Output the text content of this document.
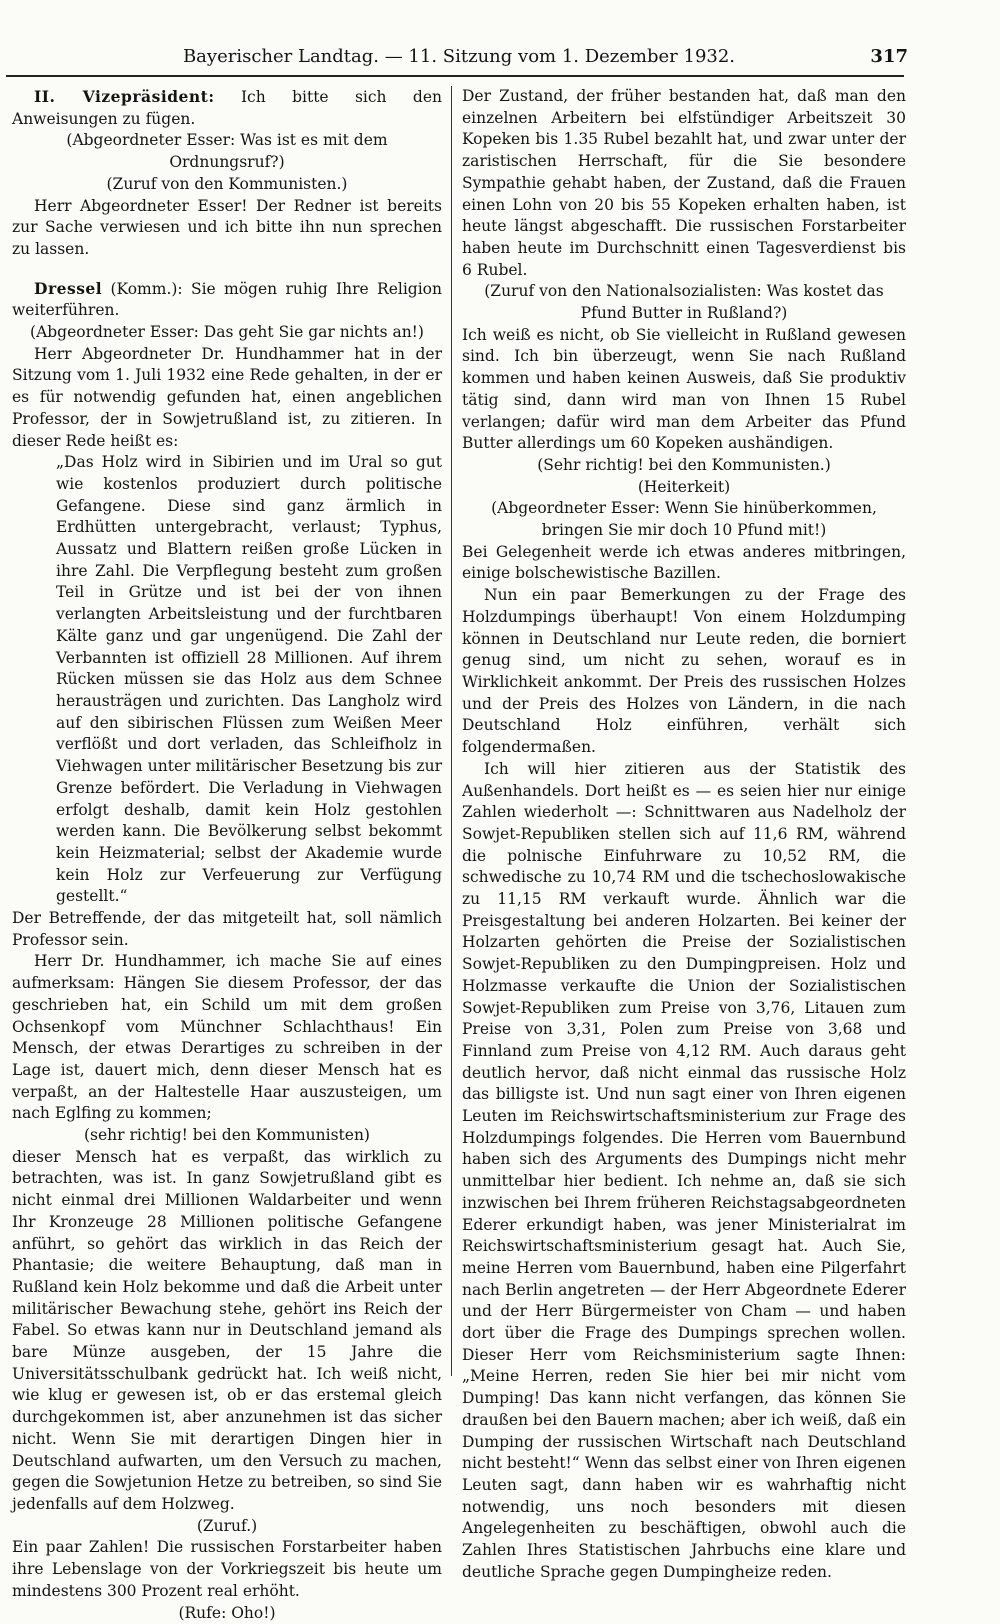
Bayerischer Landtag. — 11. Sitzung vom 1. Dezember 1932.	317

II. Vizepräsident: Ich bitte sich den Anweisungen zu fügen.

(Abgeordneter Esser: Was ist es mit dem Ordnungsruf?)

(Zuruf von den Kommunisten.)

Herr Abgeordneter Esser! Der Redner ist bereits zur Sache verwiesen und ich bitte ihn nun sprechen zu lassen.

Dressel (Komm.): Sie mögen ruhig Ihre Religion weiterführen.

(Abgeordneter Esser: Das geht Sie gar nichts an!)

Herr Abgeordneter Dr. Hundhammer hat in der Sitzung vom 1. Juli 1932 eine Rede gehalten, in der er es für notwendig gefunden hat, einen angeblichen Professor, der in Sowjetrußland ist, zu zitieren. In dieser Rede heißt es:

„Das Holz wird in Sibirien und im Ural so gut wie kostenlos produziert durch politische Gefangene. Diese sind ganz ärmlich in Erdhütten untergebracht, verlaust; Typhus, Aussatz und Blattern reißen große Lücken in ihre Zahl. Die Verpflegung besteht zum großen Teil in Grütze und ist bei der von ihnen verlangten Arbeitsleistung und der furchtbaren Kälte ganz und gar ungenügend. Die Zahl der Verbannten ist offiziell 28 Millionen. Auf ihrem Rücken müssen sie das Holz aus dem Schnee herausträgen und zurichten. Das Langholz wird auf den sibirischen Flüssen zum Weißen Meer verflößt und dort verladen, das Schleifholz in Viehwagen unter militärischer Besetzung bis zur Grenze befördert. Die Verladung in Viehwagen erfolgt deshalb, damit kein Holz gestohlen werden kann. Die Bevölkerung selbst bekommt kein Heizmaterial; selbst der Akademie wurde kein Holz zur Verfeuerung zur Verfügung gestellt.“

Der Betreffende, der das mitgeteilt hat, soll nämlich Professor sein.

Herr Dr. Hundhammer, ich mache Sie auf eines aufmerksam: Hängen Sie diesem Professor, der das geschrieben hat, ein Schild um mit dem großen Ochsenkopf vom Münchner Schlachthaus! Ein Mensch, der etwas Derartiges zu schreiben in der Lage ist, dauert mich, denn dieser Mensch hat es verpaßt, an der Haltestelle Haar auszusteigen, um nach Eglfing zu kommen;

(sehr richtig! bei den Kommunisten)

dieser Mensch hat es verpaßt, das wirklich zu betrachten, was ist. In ganz Sowjetrußland gibt es nicht einmal drei Millionen Waldarbeiter und wenn Ihr Kronzeuge 28 Millionen politische Gefangene anführt, so gehört das wirklich in das Reich der Phantasie; die weitere Behauptung, daß man in Rußland kein Holz bekomme und daß die Arbeit unter militärischer Bewachung stehe, gehört ins Reich der Fabel. So etwas kann nur in Deutschland jemand als bare Münze ausgeben, der 15 Jahre die Universitätsschulbank gedrückt hat. Ich weiß nicht, wie klug er gewesen ist, ob er das erstemal gleich durchgekommen ist, aber anzunehmen ist das sicher nicht. Wenn Sie mit derartigen Dingen hier in Deutschland aufwarten, um den Versuch zu machen, gegen die Sowjetunion Hetze zu betreiben, so sind Sie jedenfalls auf dem Holzweg.

(Zuruf.)

Ein paar Zahlen! Die russischen Forstarbeiter haben ihre Lebenslage von der Vorkriegszeit bis heute um mindestens 300 Prozent real erhöht.

(Rufe: Oho!)

Der Zustand, der früher bestanden hat, daß man den einzelnen Arbeitern bei elfstündiger Arbeitszeit 30 Kopeken bis 1.35 Rubel bezahlt hat, und zwar unter der zaristischen Herrschaft, für die Sie besondere Sympathie gehabt haben, der Zustand, daß die Frauen einen Lohn von 20 bis 55 Kopeken erhalten haben, ist heute längst abgeschafft. Die russischen Forstarbeiter haben heute im Durchschnitt einen Tagesverdienst bis 6 Rubel.

(Zuruf von den Nationalsozialisten: Was kostet das Pfund Butter in Rußland?)

Ich weiß es nicht, ob Sie vielleicht in Rußland gewesen sind. Ich bin überzeugt, wenn Sie nach Rußland kommen und haben keinen Ausweis, daß Sie produktiv tätig sind, dann wird man von Ihnen 15 Rubel verlangen; dafür wird man dem Arbeiter das Pfund Butter allerdings um 60 Kopeken aushändigen.

(Sehr richtig! bei den Kommunisten.)

(Heiterkeit)

(Abgeordneter Esser: Wenn Sie hinüberkommen, bringen Sie mir doch 10 Pfund mit!)

Bei Gelegenheit werde ich etwas anderes mitbringen, einige bolschewistische Bazillen.

Nun ein paar Bemerkungen zu der Frage des Holzdumpings überhaupt! Von einem Holzdumping können in Deutschland nur Leute reden, die borniert genug sind, um nicht zu sehen, worauf es in Wirklichkeit ankommt. Der Preis des russischen Holzes und der Preis des Holzes von Ländern, in die nach Deutschland Holz einführen, verhält sich folgendermaßen.

Ich will hier zitieren aus der Statistik des Außenhandels. Dort heißt es — es seien hier nur einige Zahlen wiederholt —: Schnittwaren aus Nadelholz der Sowjet-Republiken stellen sich auf 11,6 RM, während die polnische Einfuhrware zu 10,52 RM, die schwedische zu 10,74 RM und die tschechoslowakische zu 11,15 RM verkauft wurde. Ähnlich war die Preisgestaltung bei anderen Holzarten. Bei keiner der Holzarten gehörten die Preise der Sozialistischen Sowjet-Republiken zu den Dumpingpreisen. Holz und Holzmasse verkaufte die Union der Sozialistischen Sowjet-Republiken zum Preise von 3,76, Litauen zum Preise von 3,31, Polen zum Preise von 3,68 und Finnland zum Preise von 4,12 RM. Auch daraus geht deutlich hervor, daß nicht einmal das russische Holz das billigste ist. Und nun sagt einer von Ihren eigenen Leuten im Reichswirtschaftsministerium zur Frage des Holzdumpings folgendes. Die Herren vom Bauernbund haben sich des Arguments des Dumpings nicht mehr unmittelbar hier bedient. Ich nehme an, daß sie sich inzwischen bei Ihrem früheren Reichstagsabgeordneten Ederer erkundigt haben, was jener Ministerialrat im Reichswirtschaftsministerium gesagt hat. Auch Sie, meine Herren vom Bauernbund, haben eine Pilgerfahrt nach Berlin angetreten — der Herr Abgeordnete Ederer und der Herr Bürgermeister von Cham — und haben dort über die Frage des Dumpings sprechen wollen. Dieser Herr vom Reichsministerium sagte Ihnen: „Meine Herren, reden Sie hier bei mir nicht vom Dumping! Das kann nicht verfangen, das können Sie draußen bei den Bauern machen; aber ich weiß, daß ein Dumping der russischen Wirtschaft nach Deutschland nicht besteht!“ Wenn das selbst einer von Ihren eigenen Leuten sagt, dann haben wir es wahrhaftig nicht notwendig, uns noch besonders mit diesen Angelegenheiten zu beschäftigen, obwohl auch die Zahlen Ihres Statistischen Jahrbuchs eine klare und deutliche Sprache gegen Dumpingheize reden.
